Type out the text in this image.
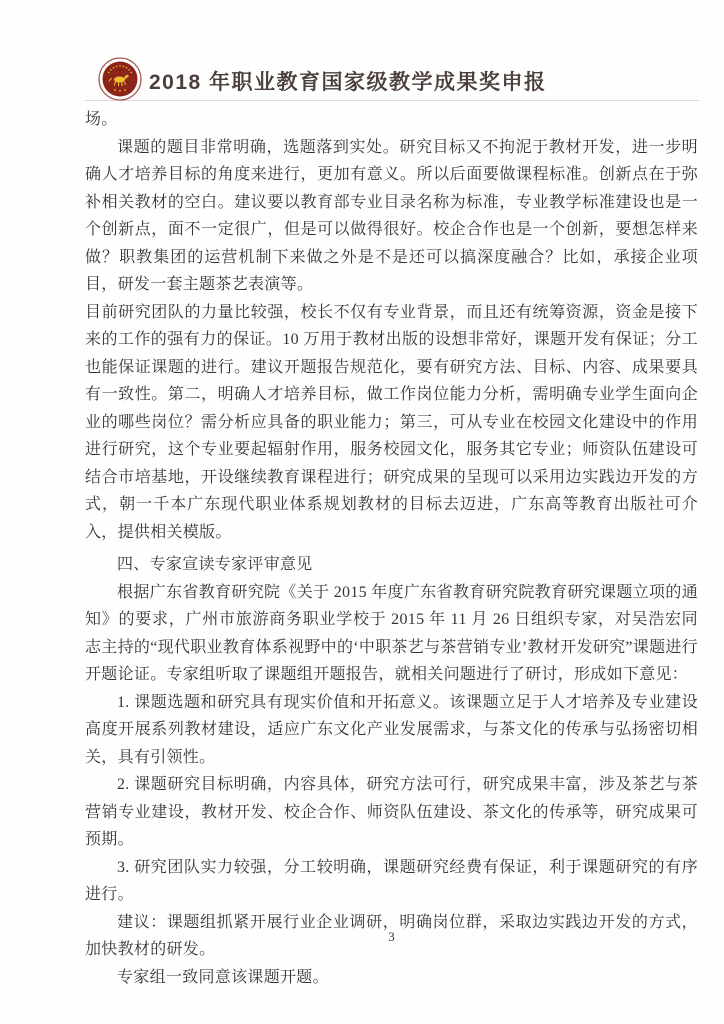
2018 年职业教育国家级教学成果奖申报

场。

课题的题目非常明确，选题落到实处。研究目标又不拘泥于教材开发，进一步明确人才培养目标的角度来进行，更加有意义。所以后面要做课程标准。创新点在于弥补相关教材的空白。建议要以教育部专业目录名称为标准，专业教学标准建设也是一个创新点，面不一定很广，但是可以做得很好。校企合作也是一个创新，要想怎样来做？职教集团的运营机制下来做之外是不是还可以搞深度融合？比如，承接企业项目，研发一套主题茶艺表演等。

目前研究团队的力量比较强，校长不仅有专业背景，而且还有统筹资源，资金是接下来的工作的强有力的保证。10 万用于教材出版的设想非常好，课题开发有保证；分工也能保证课题的进行。建议开题报告规范化，要有研究方法、目标、内容、成果要具有一致性。第二，明确人才培养目标，做工作岗位能力分析，需明确专业学生面向企业的哪些岗位？需分析应具备的职业能力；第三，可从专业在校园文化建设中的作用进行研究，这个专业要起辐射作用，服务校园文化，服务其它专业；师资队伍建设可结合市培基地，开设继续教育课程进行；研究成果的呈现可以采用边实践边开发的方式，朝一千本广东现代职业体系规划教材的目标去迈进，广东高等教育出版社可介入，提供相关模版。

四、专家宣读专家评审意见

根据广东省教育研究院《关于 2015 年度广东省教育研究院教育研究课题立项的通知》的要求，广州市旅游商务职业学校于 2015 年 11 月 26 日组织专家，对吴浩宏同志主持的“现代职业教育体系视野中的‘中职茶艺与茶营销专业’教材开发研究”课题进行开题论证。专家组听取了课题组开题报告，就相关问题进行了研讨，形成如下意见：

1. 课题选题和研究具有现实价值和开拓意义。该课题立足于人才培养及专业建设高度开展系列教材建设，适应广东文化产业发展需求，与茶文化的传承与弘扬密切相关，具有引领性。

2. 课题研究目标明确，内容具体，研究方法可行，研究成果丰富，涉及茶艺与茶营销专业建设，教材开发、校企合作、师资队伍建设、茶文化的传承等，研究成果可预期。

3. 研究团队实力较强，分工较明确，课题研究经费有保证，利于课题研究的有序进行。

建议：课题组抓紧开展行业企业调研，明确岗位群，采取边实践边开发的方式，加快教材的研发。

专家组一致同意该课题开题。

3
